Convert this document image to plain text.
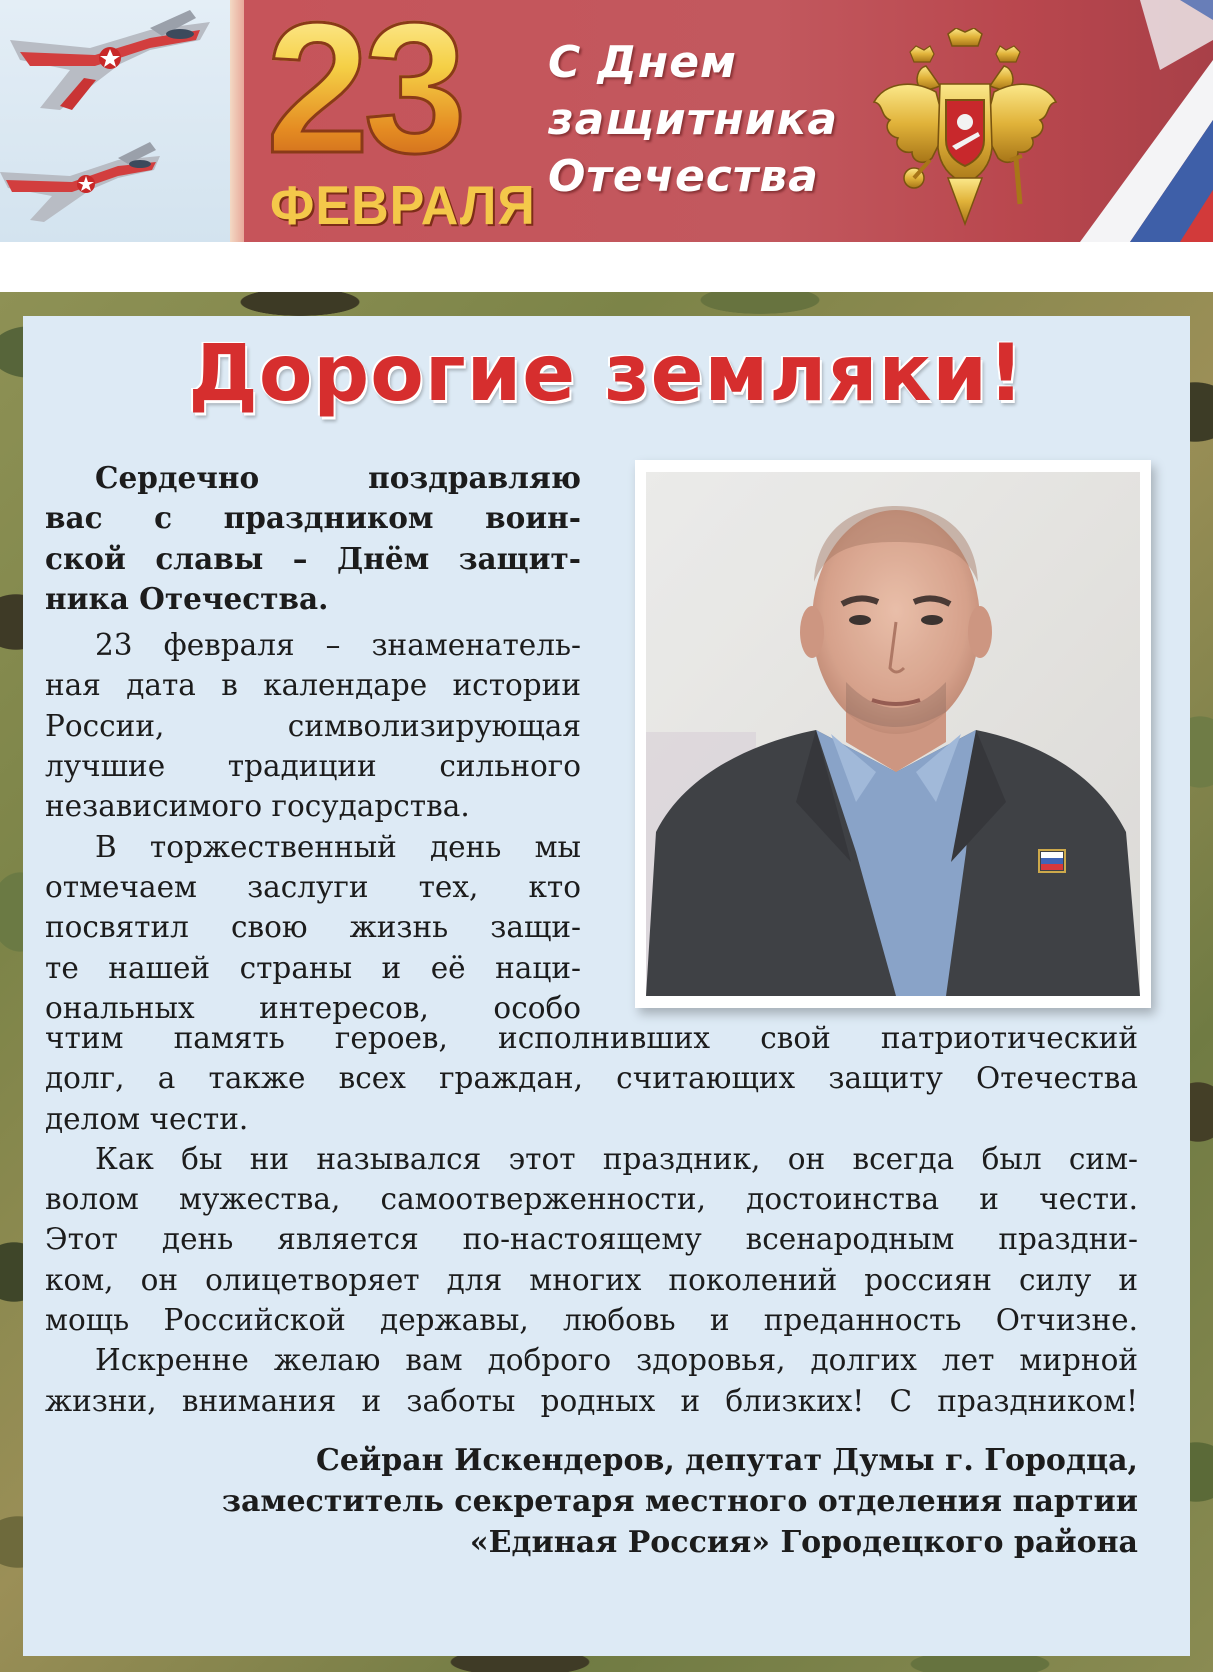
23
ФЕВРАЛЯ
С Днем
защитника
Отечества
Дорогие земляки!
Сердечно поздравляю
вас с праздником воин-
ской славы – Днём защит-
ника Отечества.
23 февраля – знаменатель-
ная дата в календаре истории
России, символизирующая
лучшие традиции сильного
независимого государства.
В торжественный день мы
отмечаем заслуги тех, кто
посвятил свою жизнь защи-
те нашей страны и её наци-
ональных интересов, особо
чтим память героев, исполнивших свой патриотический
долг, а также всех граждан, считающих защиту Отечества
делом чести.
Как бы ни назывался этот праздник, он всегда был сим-
волом мужества, самоотверженности, достоинства и чести.
Этот день является по-настоящему всенародным праздни-
ком, он олицетворяет для многих поколений россиян силу и
мощь Российской державы, любовь и преданность Отчизне.
Искренне желаю вам доброго здоровья, долгих лет мирной
жизни, внимания и заботы родных и близких! С праздником!
Сейран Искендеров, депутат Думы г. Городца,
заместитель секретаря местного отделения партии
«Единая Россия» Городецкого района
